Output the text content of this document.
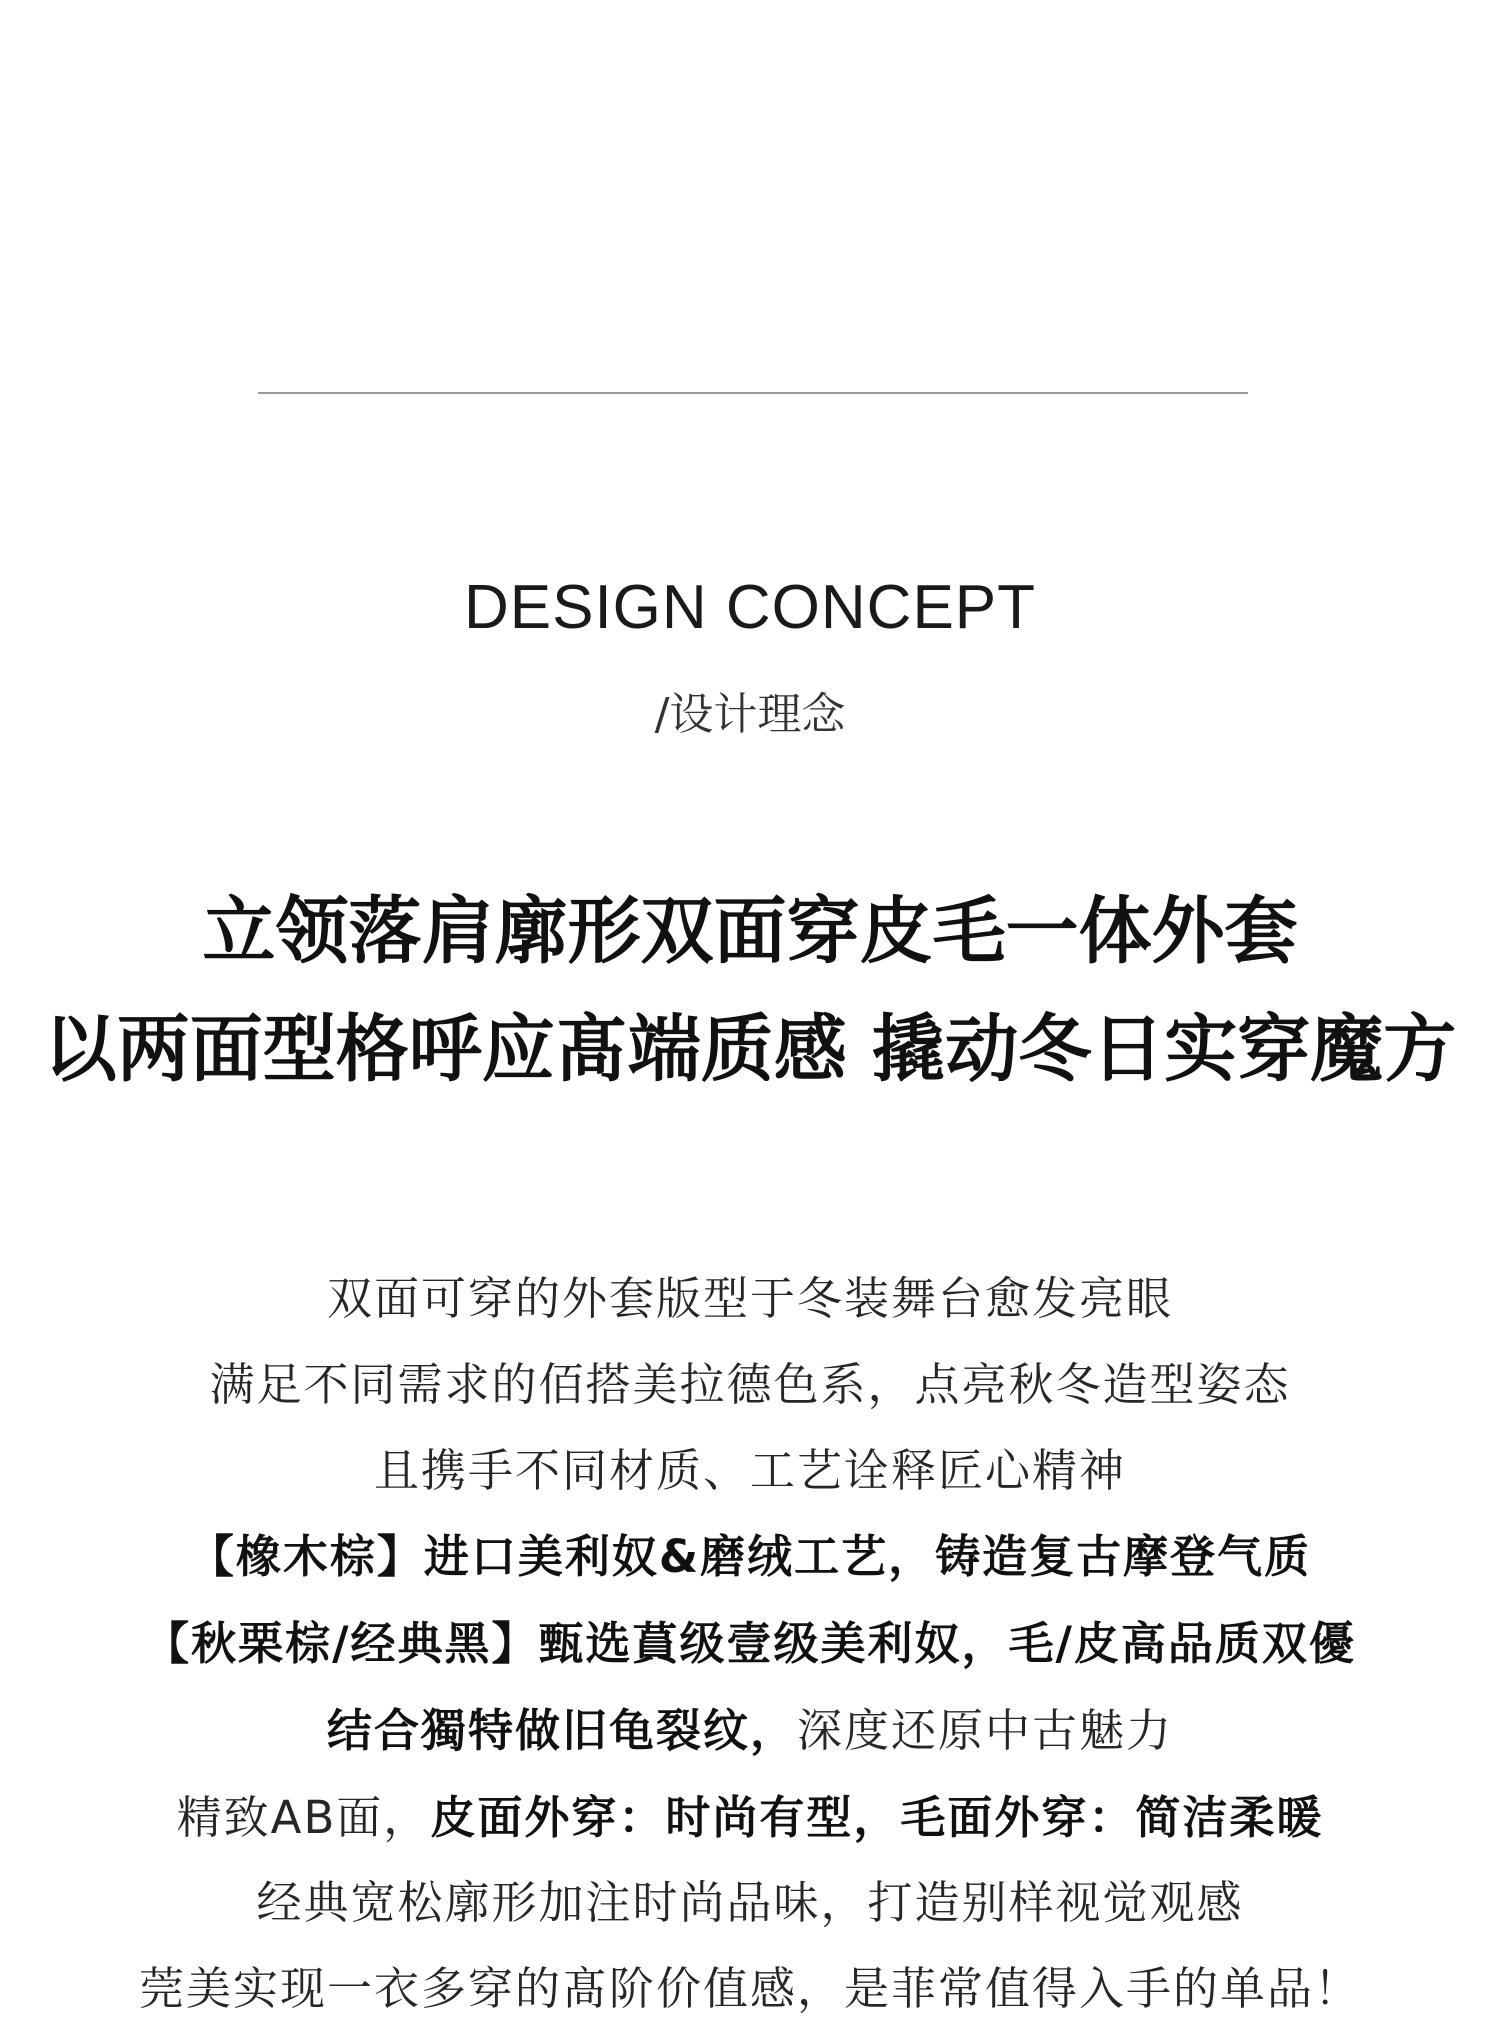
DESIGN CONCEPT
/设计理念
立领落肩廓形双面穿皮毛一体外套
以两面型格呼应髙端质感 撬动冬日实穿魔方
双面可穿的外套版型于冬装舞台愈发亮眼
满足不同需求的佰搭美拉德色系，点亮秋冬造型姿态
且携手不同材质、工艺诠释匠心精神
【橡木棕】进口美利奴&磨绒工艺，铸造复古摩登气质
【秋栗棕/经典黑】甄选蒷级壹级美利奴，毛/皮高品质双優
结合獨特做旧龟裂纹，深度还原中古魅力
精致AB面，皮面外穿：时尚有型，毛面外穿：简洁柔暖
经典宽松廓形加注时尚品味，打造别样视觉观感
莞美实现一衣多穿的髙阶价值感，是菲常值得入手的单品！
